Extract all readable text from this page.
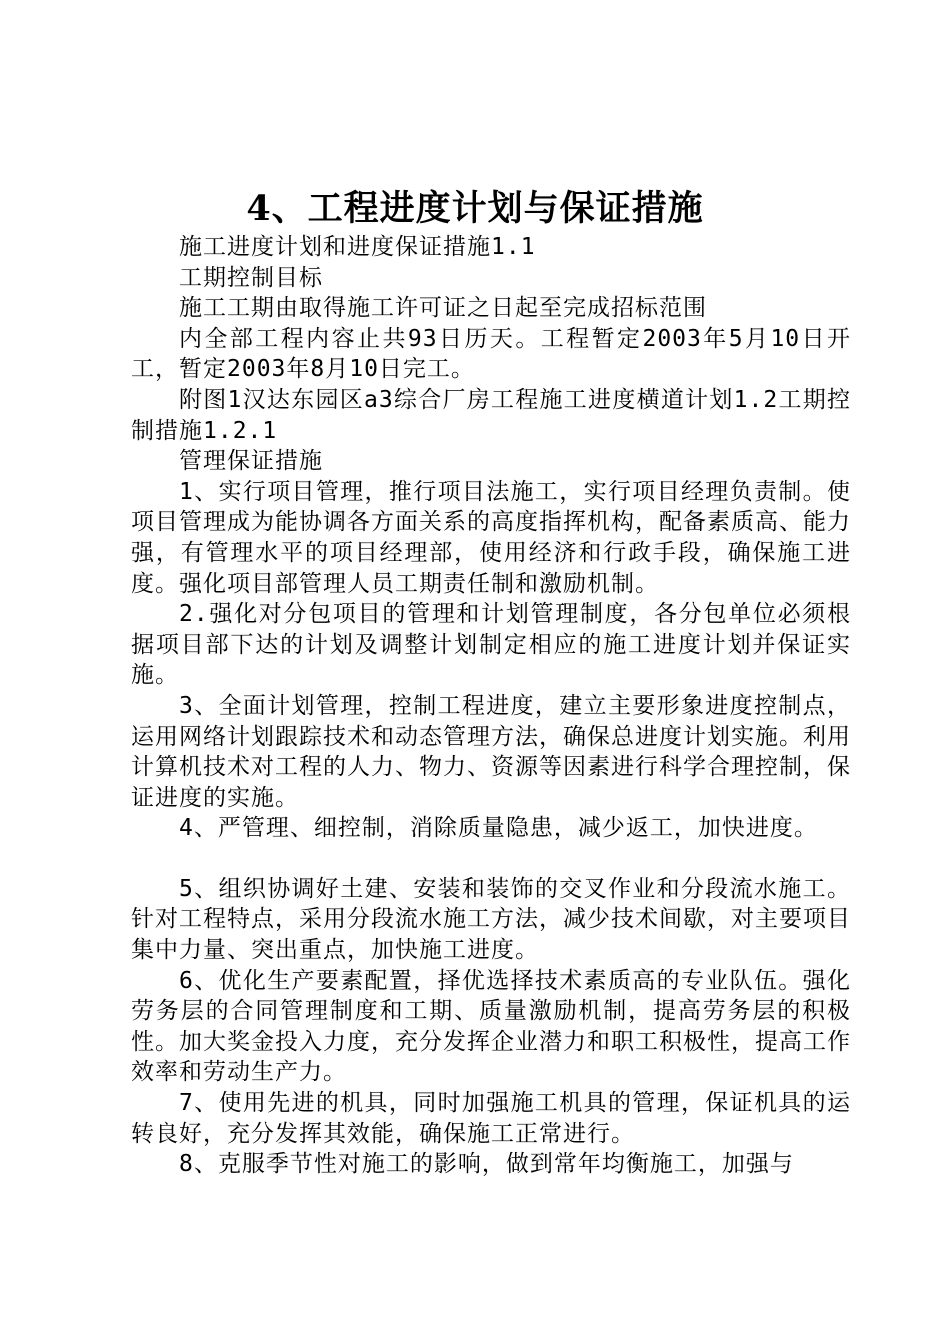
4、工程进度计划与保证措施

施工进度计划和进度保证措施1.1

工期控制目标

施工工期由取得施工许可证之日起至完成招标范围

内全部工程内容止共93日历天。工程暂定2003年5月10日开工，暂定2003年8月10日完工。

附图1汉达东园区a3综合厂房工程施工进度横道计划1.2工期控制措施1.2.1

管理保证措施

1、实行项目管理，推行项目法施工，实行项目经理负责制。使项目管理成为能协调各方面关系的高度指挥机构，配备素质高、能力强，有管理水平的项目经理部，使用经济和行政手段，确保施工进度。强化项目部管理人员工期责任制和激励机制。

2.强化对分包项目的管理和计划管理制度，各分包单位必须根据项目部下达的计划及调整计划制定相应的施工进度计划并保证实施。

3、全面计划管理，控制工程进度，建立主要形象进度控制点，运用网络计划跟踪技术和动态管理方法，确保总进度计划实施。利用计算机技术对工程的人力、物力、资源等因素进行科学合理控制，保证进度的实施。

4、严管理、细控制，消除质量隐患，减少返工，加快进度。

5、组织协调好土建、安装和装饰的交叉作业和分段流水施工。针对工程特点，采用分段流水施工方法，减少技术间歇，对主要项目集中力量、突出重点，加快施工进度。

6、优化生产要素配置，择优选择技术素质高的专业队伍。强化劳务层的合同管理制度和工期、质量激励机制，提高劳务层的积极性。加大奖金投入力度，充分发挥企业潜力和职工积极性，提高工作效率和劳动生产力。

7、使用先进的机具，同时加强施工机具的管理，保证机具的运转良好，充分发挥其效能，确保施工正常进行。

8、克服季节性对施工的影响，做到常年均衡施工，加强与
